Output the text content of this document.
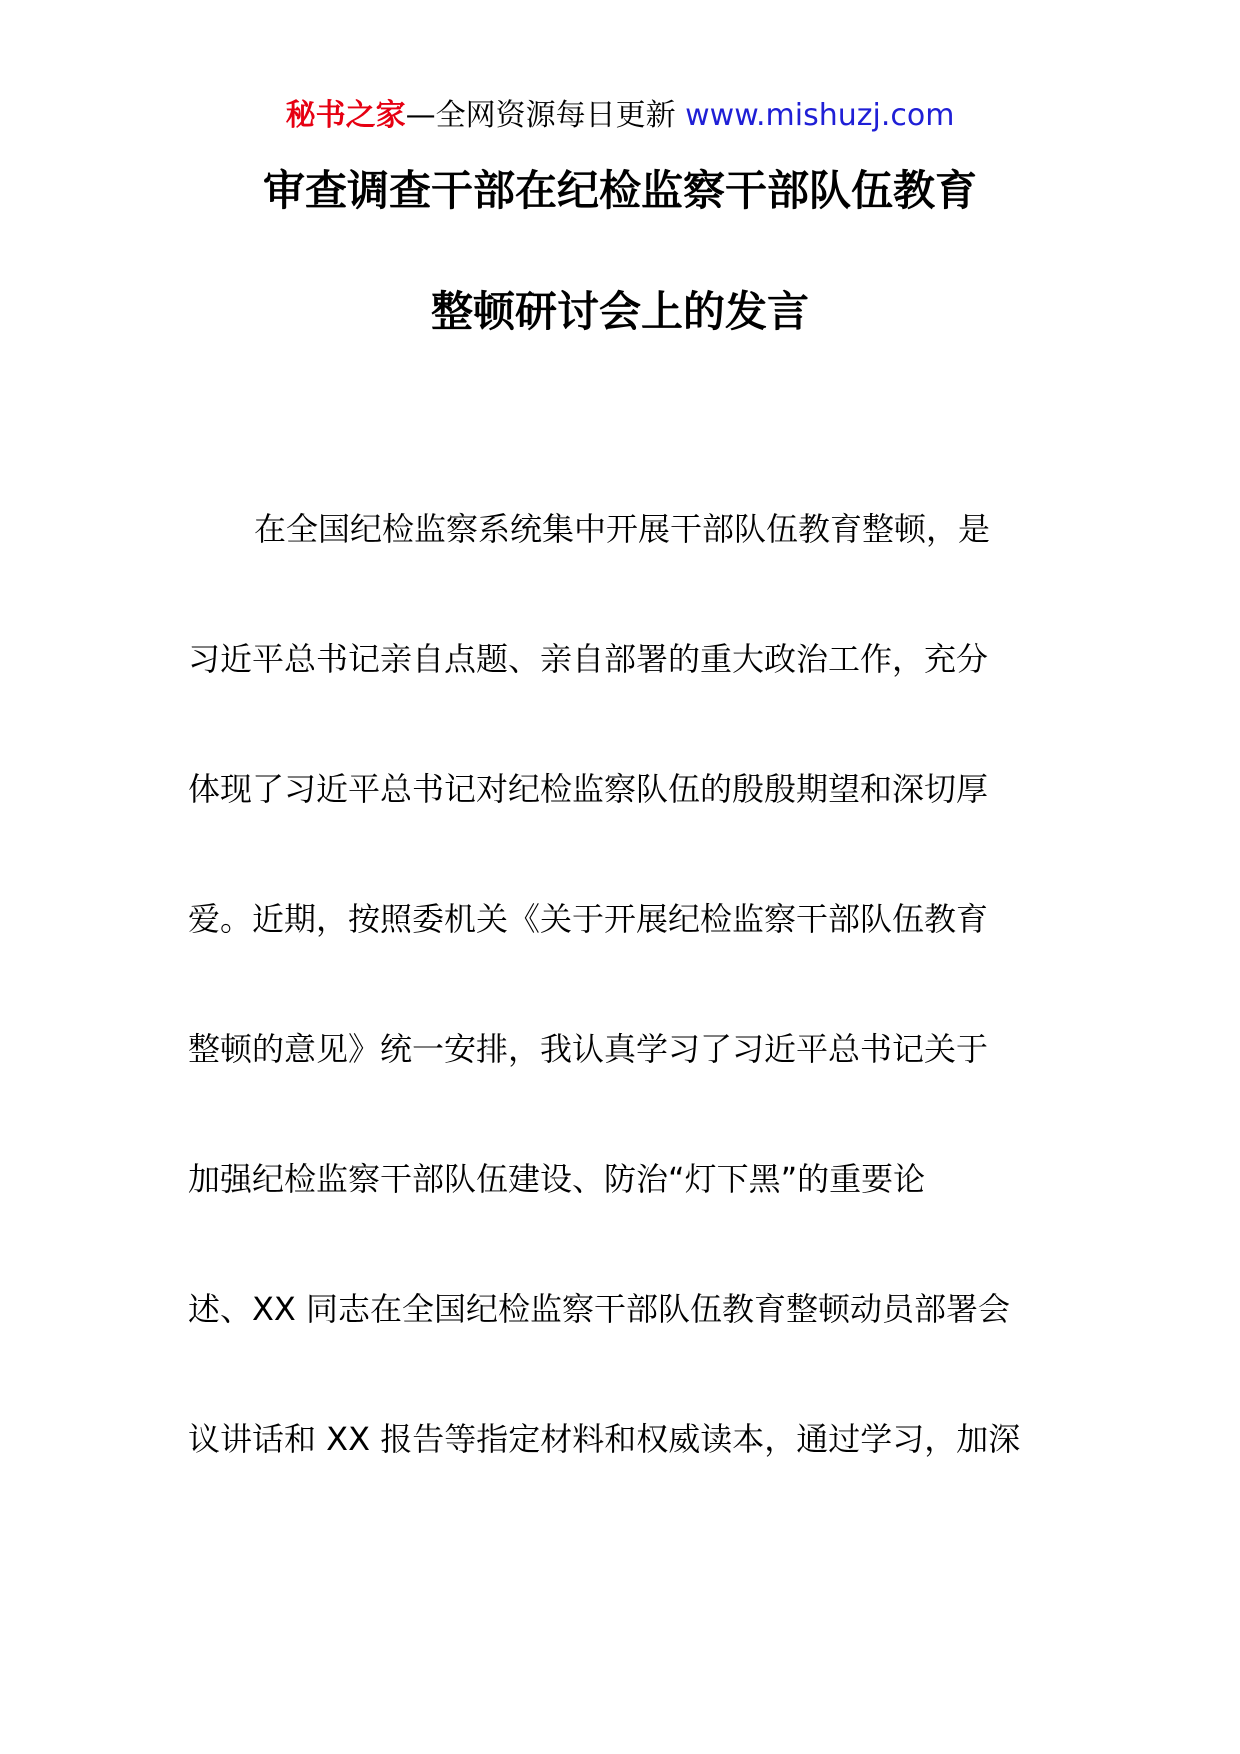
秘书之家—全网资源每日更新 www.mishuzj.com
审查调查干部在纪检监察干部队伍教育
整顿研讨会上的发言
在全国纪检监察系统集中开展干部队伍教育整顿，是
习近平总书记亲自点题、亲自部署的重大政治工作，充分
体现了习近平总书记对纪检监察队伍的殷殷期望和深切厚
爱。近期，按照委机关《关于开展纪检监察干部队伍教育
整顿的意见》统一安排，我认真学习了习近平总书记关于
加强纪检监察干部队伍建设、防治“灯下黑”的重要论
述、XX 同志在全国纪检监察干部队伍教育整顿动员部署会
议讲话和 XX 报告等指定材料和权威读本，通过学习，加深
